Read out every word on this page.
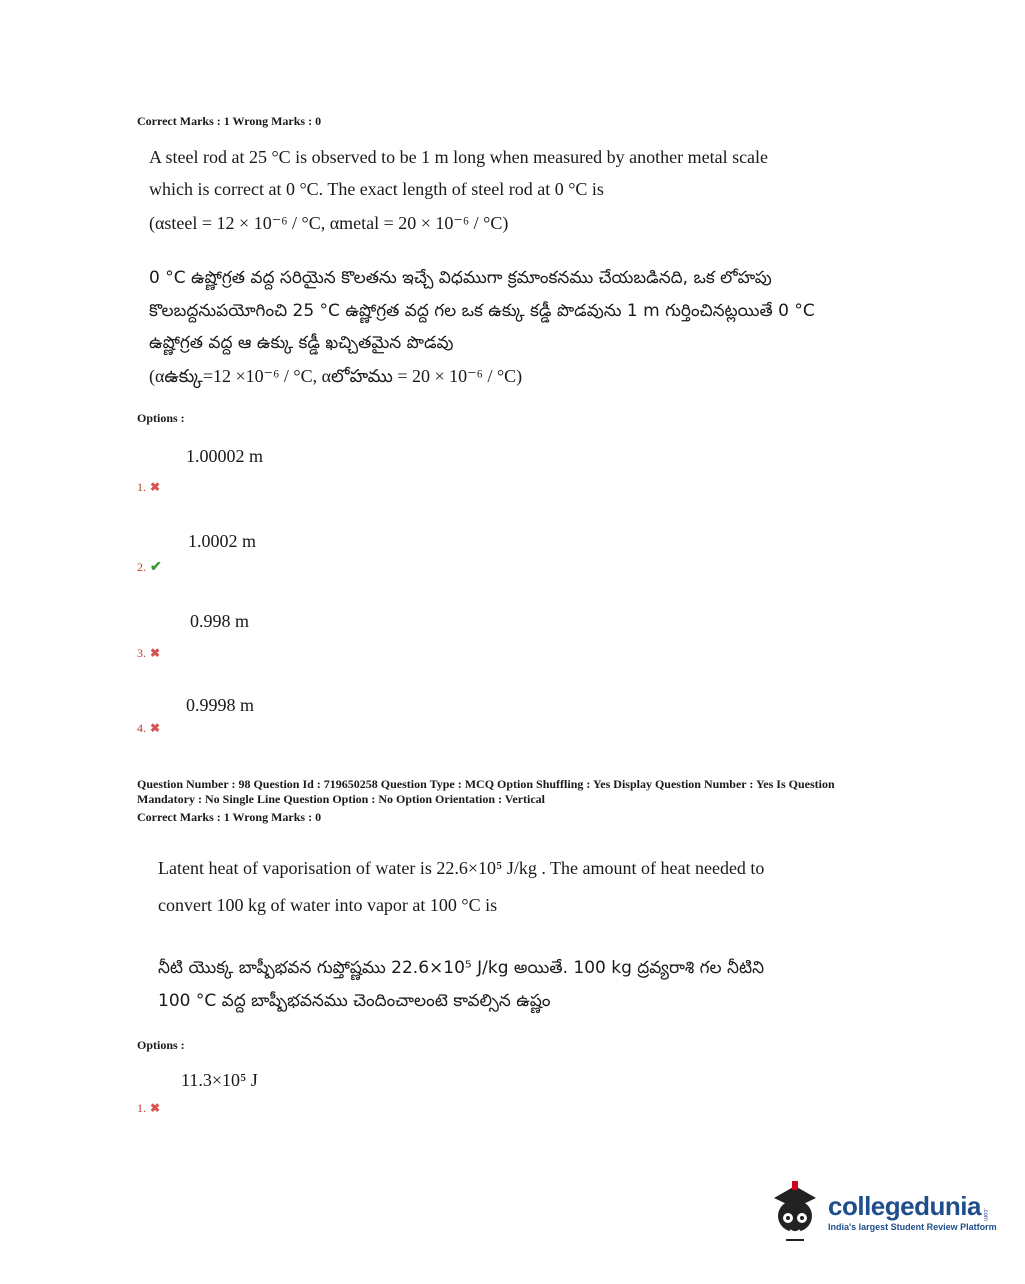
Correct Marks : 1 Wrong Marks : 0
A steel rod at 25 °C is observed to be 1 m long when measured by another metal scale
which is correct at 0 °C. The exact length of steel rod at 0 °C is
(αsteel = 12 × 10⁻⁶ / °C, αmetal = 20 × 10⁻⁶ / °C)
0 °C ఉష్ణోగ్రత వద్ద సరియైన కొలతను ఇచ్చే విధముగా క్రమాంకనము చేయబడినది, ఒక లోహపు
కొలబద్దనుపయోగించి 25 °C ఉష్ణోగ్రత వద్ద గల ఒక ఉక్కు కడ్డీ పొడవును 1 m గుర్తించినట్లయితే 0 °C
ఉష్ణోగ్రత వద్ద ఆ ఉక్కు కడ్డీ ఖచ్చితమైన పొడవు
(αఉక్కు=12 ×10⁻⁶ / °C, αలోహము = 20 × 10⁻⁶ / °C)
Options :
1.00002 m
1. ✖
1.0002 m
2. ✔
0.998 m
3. ✖
0.9998 m
4. ✖
Question Number : 98 Question Id : 719650258 Question Type : MCQ Option Shuffling : Yes Display Question Number : Yes Is Question
Mandatory : No Single Line Question Option : No Option Orientation : Vertical
Correct Marks : 1 Wrong Marks : 0
Latent heat of vaporisation of water is 22.6×10⁵ J/kg . The amount of heat needed to
convert 100 kg of water into vapor at 100 °C is
నీటి యొక్క బాష్పీభవన గుప్తోష్ణము 22.6×10⁵ J/kg అయితే. 100 kg ద్రవ్యరాశి గల నీటిని
100 °C వద్ద బాష్పీభవనము చెందించాలంటె కావల్సిన ఉష్ణం
Options :
11.3×10⁵ J
1. ✖
collegedunia .com
India's largest Student Review Platform
